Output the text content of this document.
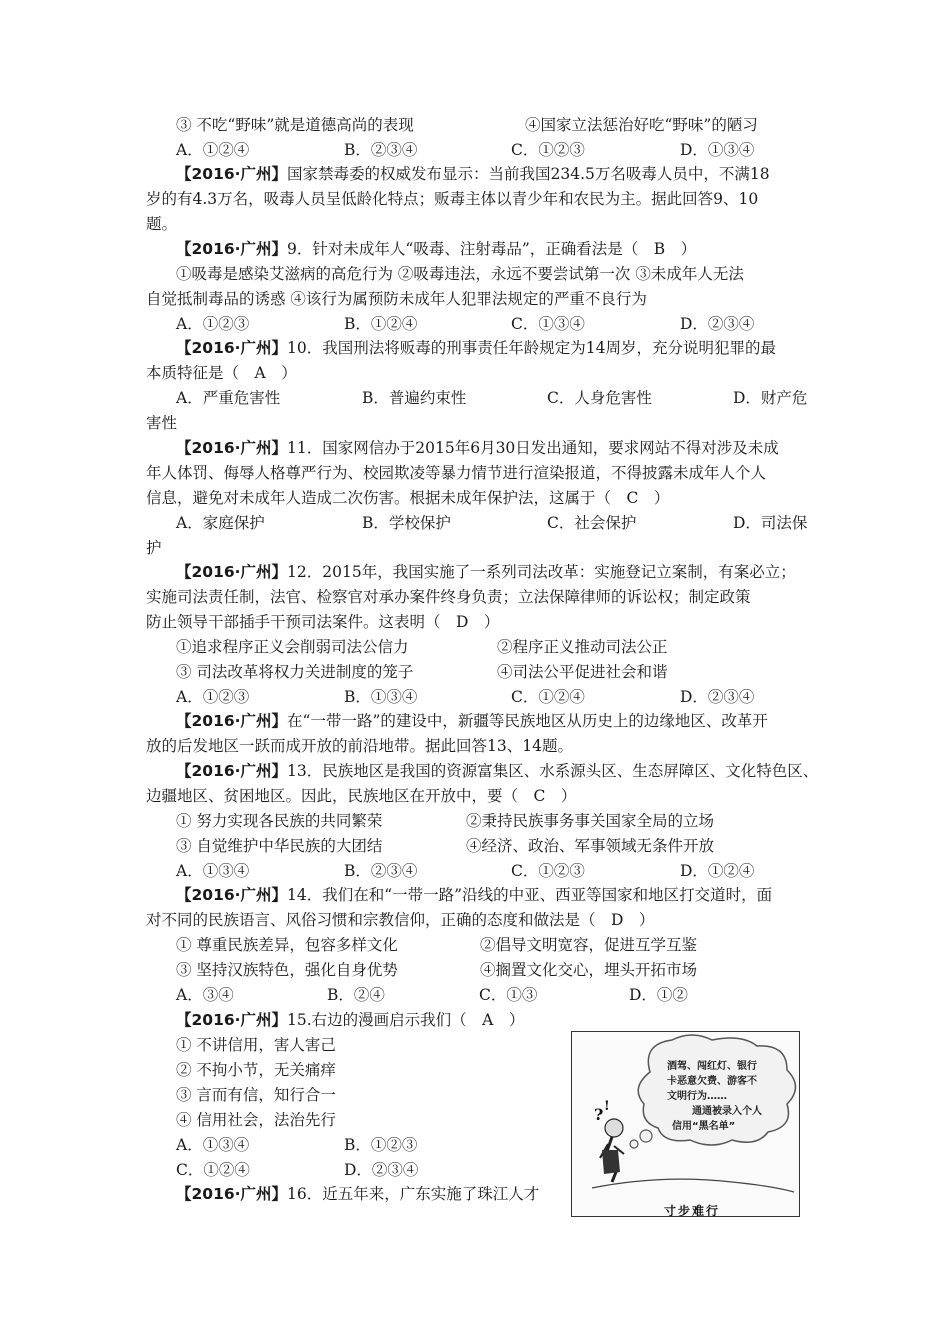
③ 不吃“野味”就是道德高尚的表现	④国家立法惩治好吃“野味”的陋习
A．①②④	B．②③④	C．①②③	D．①③④
【2016·广州】国家禁毒委的权威发布显示：当前我国234.5万名吸毒人员中，不满18
岁的有4.3万名，吸毒人员呈低龄化特点；贩毒主体以青少年和农民为主。据此回答9、10
题。
【2016·广州】9．针对未成年人“吸毒、注射毒品”，正确看法是（　B　）
①吸毒是感染艾滋病的高危行为 ②吸毒违法，永远不要尝试第一次 ③未成年人无法
自觉抵制毒品的诱惑 ④该行为属预防未成年人犯罪法规定的严重不良行为
A．①②③	B．①②④	C．①③④	D．②③④
【2016·广州】10．我国刑法将贩毒的刑事责任年龄规定为14周岁，充分说明犯罪的最
本质特征是（　A　）
A．严重危害性	B．普遍约束性	C．人身危害性	D．财产危
害性
【2016·广州】11．国家网信办于2015年6月30日发出通知，要求网站不得对涉及未成
年人体罚、侮辱人格尊严行为、校园欺凌等暴力情节进行渲染报道，不得披露未成年人个人
信息，避免对未成年人造成二次伤害。根据未成年保护法，这属于（　C　）
A．家庭保护	B．学校保护	C．社会保护	D．司法保
护
【2016·广州】12．2015年，我国实施了一系列司法改革：实施登记立案制，有案必立；
实施司法责任制，法官、检察官对承办案件终身负责；立法保障律师的诉讼权；制定政策
防止领导干部插手干预司法案件。这表明（　D　）
①追求程序正义会削弱司法公信力	②程序正义推动司法公正
③ 司法改革将权力关进制度的笼子	④司法公平促进社会和谐
A．①②③	B．①③④	C．①②④	D．②③④
【2016·广州】在“一带一路”的建设中，新疆等民族地区从历史上的边缘地区、改革开
放的后发地区一跃而成开放的前沿地带。据此回答13、14题。
【2016·广州】13．民族地区是我国的资源富集区、水系源头区、生态屏障区、文化特色区、
边疆地区、贫困地区。因此，民族地区在开放中，要（　C　）
① 努力实现各民族的共同繁荣	②秉持民族事务事关国家全局的立场
③ 自觉维护中华民族的大团结	④经济、政治、军事领域无条件开放
A．①③④	B．②③④	C．①②③	D．①②④
【2016·广州】14．我们在和“一带一路”沿线的中亚、西亚等国家和地区打交道时，面
对不同的民族语言、风俗习惯和宗教信仰，正确的态度和做法是（　D　）
① 尊重民族差异，包容多样文化	②倡导文明宽容，促进互学互鉴
③ 坚持汉族特色，强化自身优势	④搁置文化交心，埋头开拓市场
A．③④	B．②④	C．①③	D．①②
【2016·广州】15.右边的漫画启示我们（　A　）
① 不讲信用，害人害己
② 不拘小节，无关痛痒
③ 言而有信，知行合一
④ 信用社会，法治先行
A．①③④	B．①②③
C．①②④	D．②③④
【2016·广州】16．近五年来，广东实施了珠江人才
? !
酒驾、闯红灯、银行
卡恶意欠费、游客不
文明行为……
通通被录入个人
信用“黑名单”
寸步难行
